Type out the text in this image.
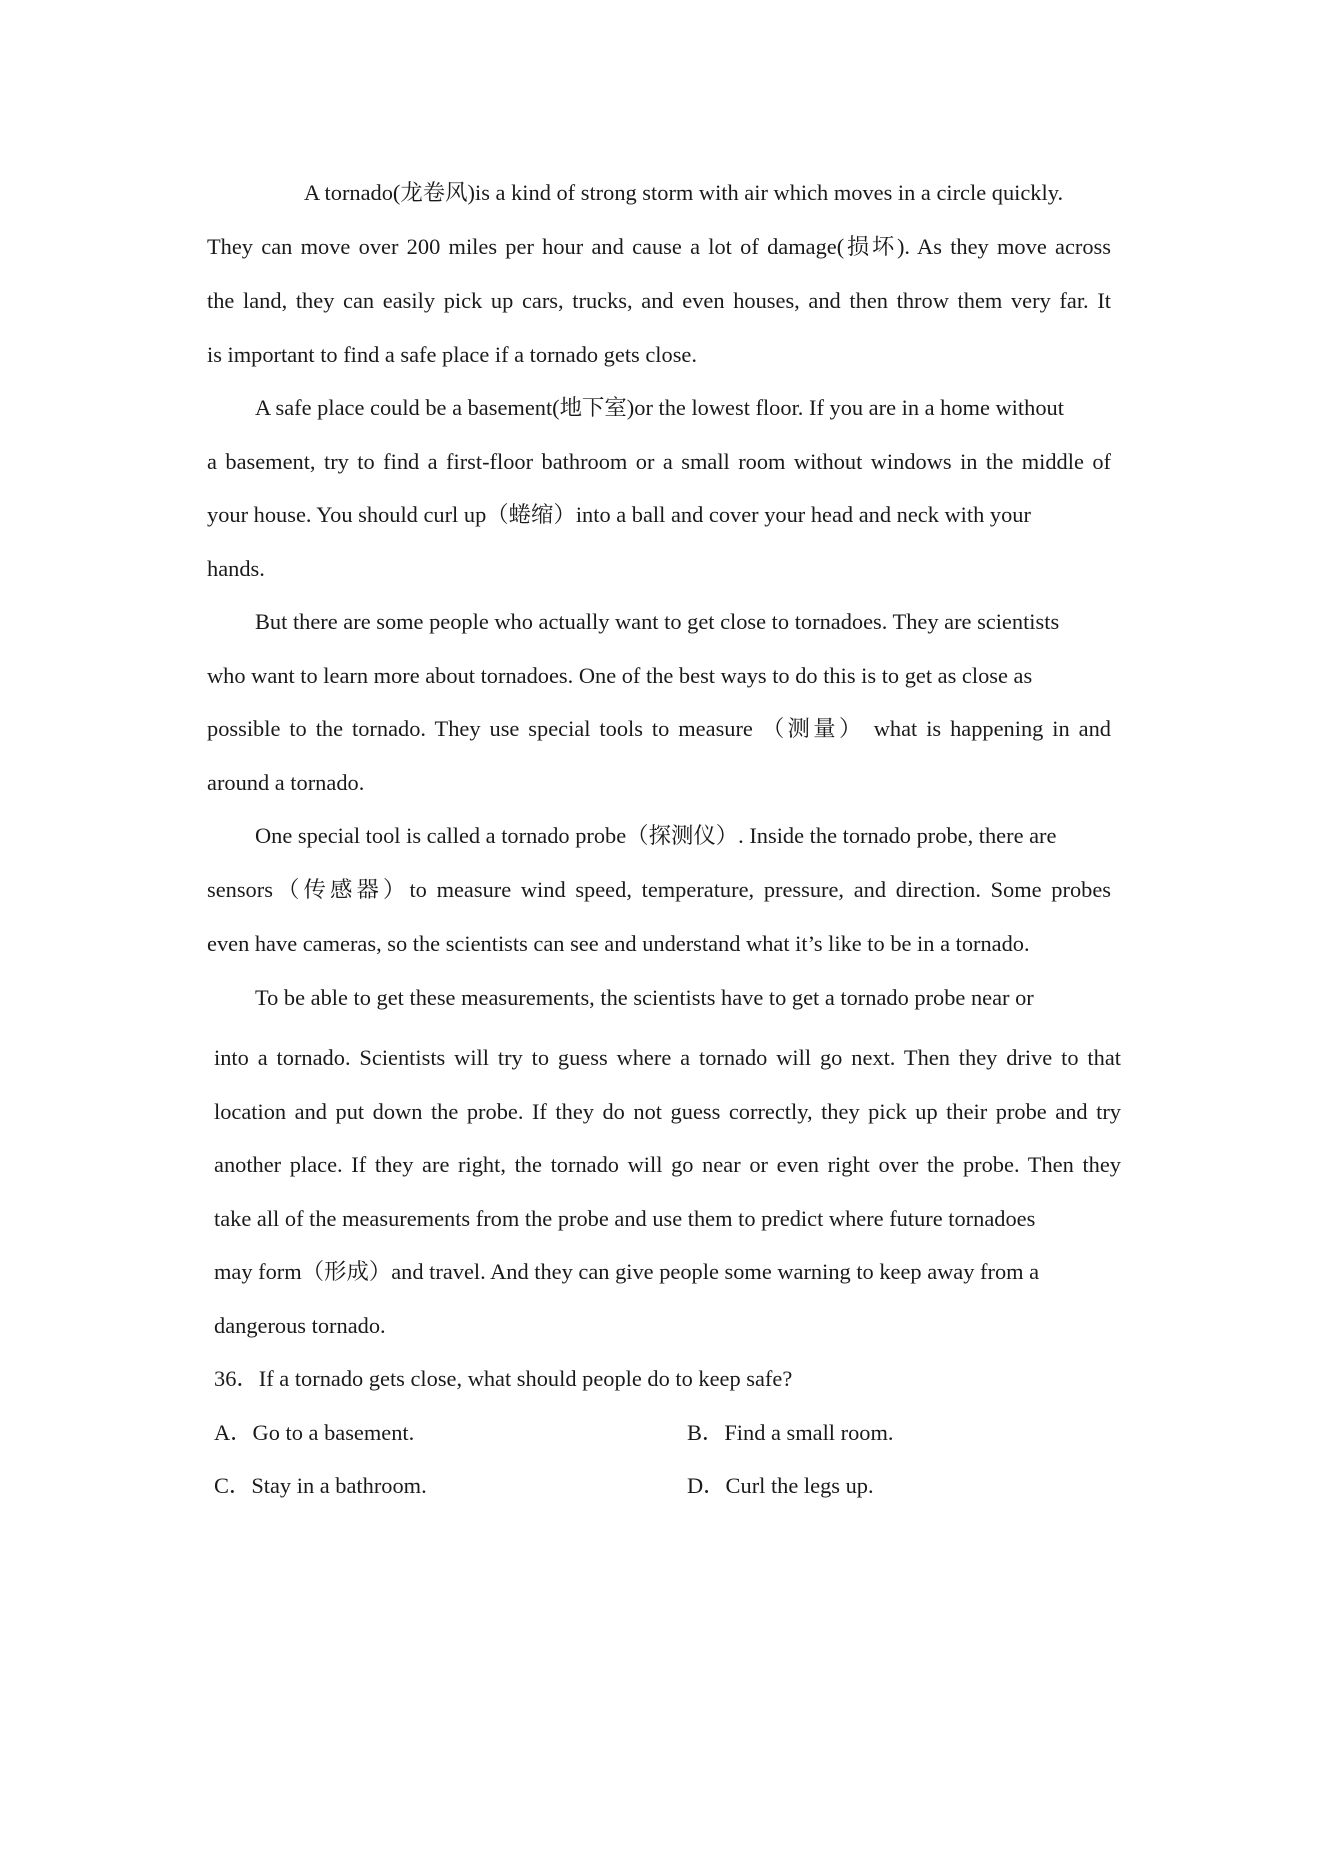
A tornado(龙卷风)is a kind of strong storm with air which moves in a circle quickly.
They can move over 200 miles per hour and cause a lot of damage(损坏). As they move across
the land, they can easily pick up cars, trucks, and even houses, and then throw them very far. It
is important to find a safe place if a tornado gets close.
A safe place could be a basement(地下室)or the lowest floor. If you are in a home without
a basement, try to find a first-floor bathroom or a small room without windows in the middle of
your house. You should curl up（蜷缩）into a ball and cover your head and neck with your
hands.
But there are some people who actually want to get close to tornadoes. They are scientists
who want to learn more about tornadoes. One of the best ways to do this is to get as close as
possible to the tornado. They use special tools to measure （测量） what is happening in and
around a tornado.
One special tool is called a tornado probe（探测仪）. Inside the tornado probe, there are
sensors（传感器）to measure wind speed, temperature, pressure, and direction. Some probes
even have cameras, so the scientists can see and understand what it’s like to be in a tornado.
To be able to get these measurements, the scientists have to get a tornado probe near or
into a tornado. Scientists will try to guess where a tornado will go next. Then they drive to that
location and put down the probe. If they do not guess correctly, they pick up their probe and try
another place. If they are right, the tornado will go near or even right over the probe. Then they
take all of the measurements from the probe and use them to predict where future tornadoes
may form（形成）and travel. And they can give people some warning to keep away from a
dangerous tornado.
36．If a tornado gets close, what should people do to keep safe?
A．Go to a basement.	B．Find a small room.
C．Stay in a bathroom.	D．Curl the legs up.
